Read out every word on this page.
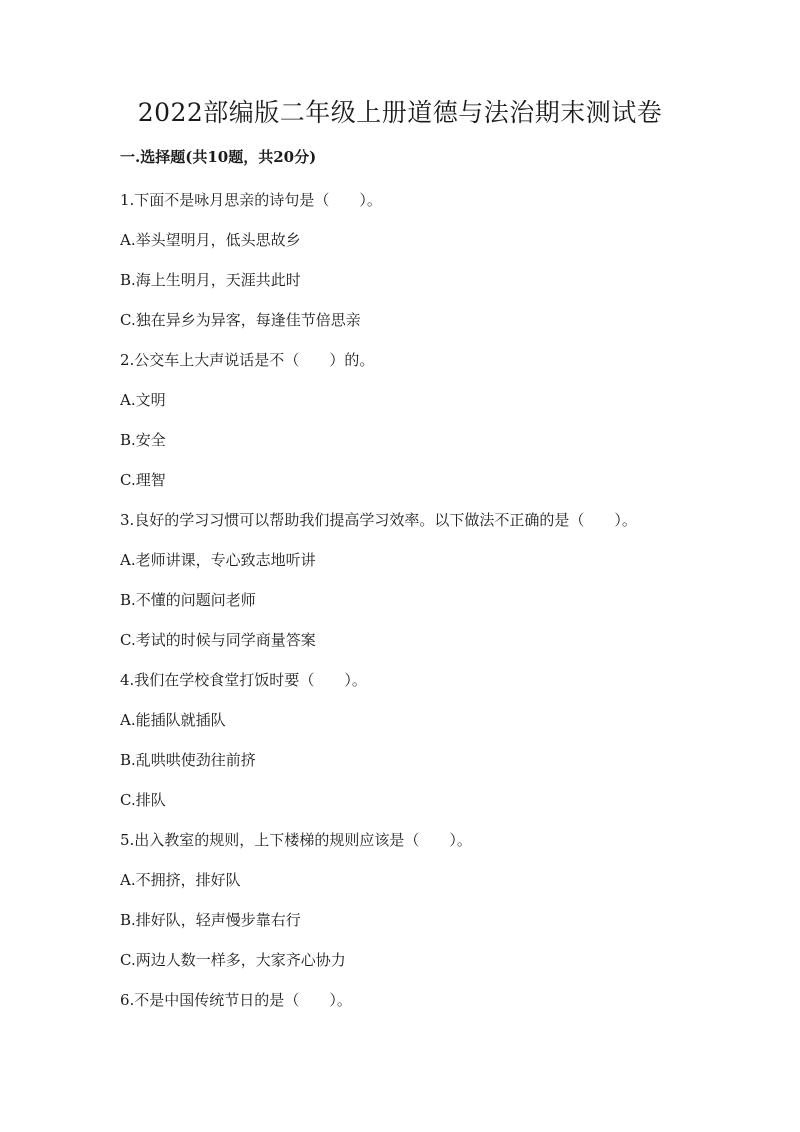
2022部编版二年级上册道德与法治期末测试卷
一.选择题(共10题，共20分)
1.下面不是咏月思亲的诗句是（　　）。
A.举头望明月，低头思故乡
B.海上生明月，天涯共此时
C.独在异乡为异客，每逢佳节倍思亲
2.公交车上大声说话是不（　　）的。
A.文明
B.安全
C.理智
3.良好的学习习惯可以帮助我们提高学习效率。以下做法不正确的是（　　）。
A.老师讲课，专心致志地听讲
B.不懂的问题问老师
C.考试的时候与同学商量答案
4.我们在学校食堂打饭时要（　　）。
A.能插队就插队
B.乱哄哄使劲往前挤
C.排队
5.出入教室的规则，上下楼梯的规则应该是（　　）。
A.不拥挤，排好队
B.排好队，轻声慢步靠右行
C.两边人数一样多，大家齐心协力
6.不是中国传统节日的是（　　）。
